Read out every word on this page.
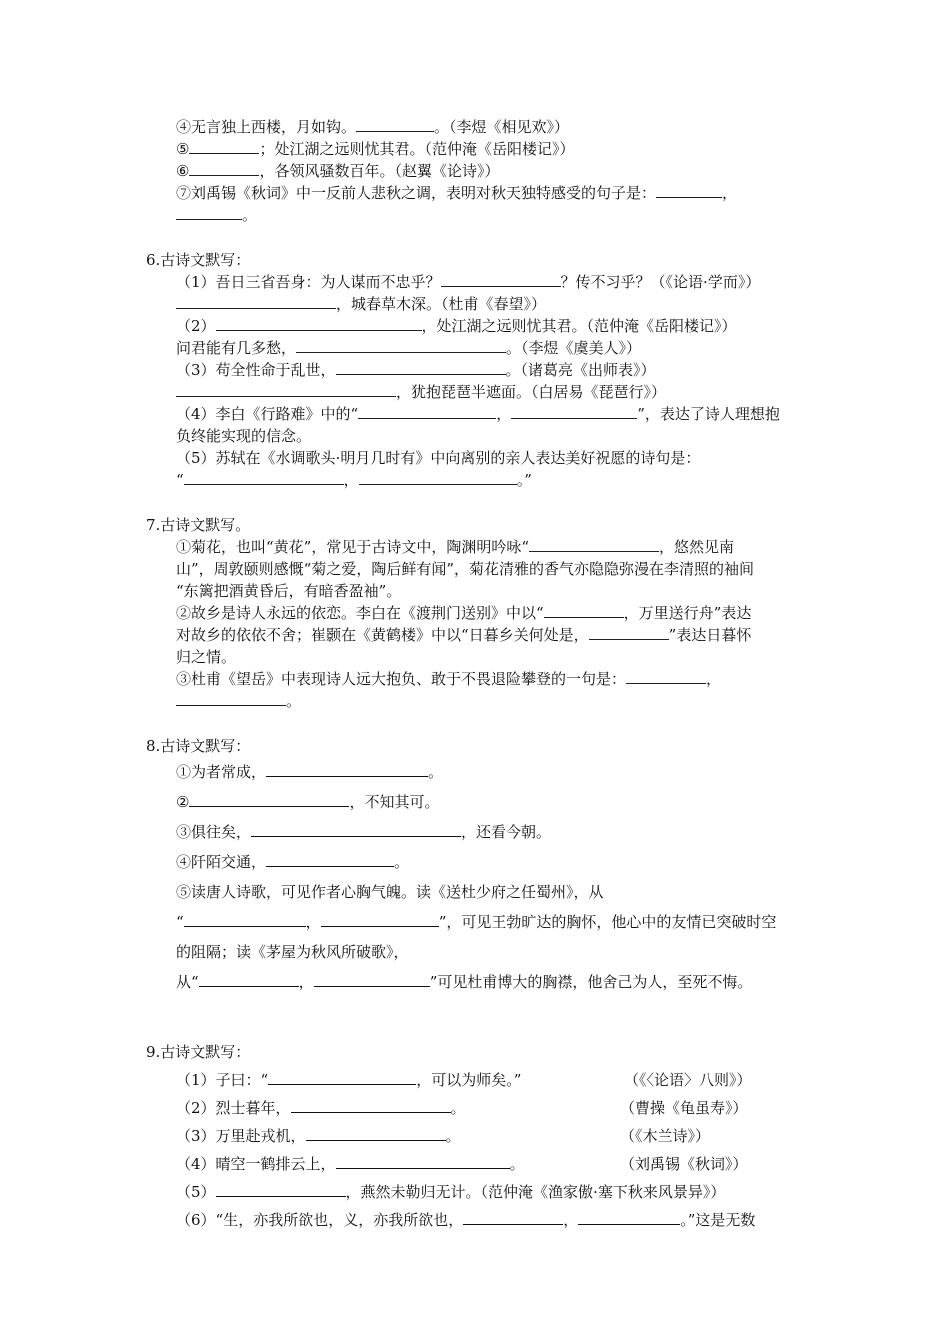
④无言独上西楼，月如钩。	。（李煜《相见欢》）
⑤	；处江湖之远则忧其君。（范仲淹《岳阳楼记》）
⑥	，各领风骚数百年。（赵翼《论诗》）
⑦刘禹锡《秋词》中一反前人悲秋之调，表明对秋天独特感受的句子是：	，
。
6.古诗文默写：
（1）吾日三省吾身：为人谋而不忠乎？	？传不习乎？（《论语·学而》）
，城春草木深。（杜甫《春望》）
（2）	，处江湖之远则忧其君。（范仲淹《岳阳楼记》）
问君能有几多愁，	。（李煜《虞美人》）
（3）苟全性命于乱世，	。（诸葛亮《出师表》）
，犹抱琵琶半遮面。（白居易《琵琶行》）
（4）李白《行路难》中的“	，	”，表达了诗人理想抱
负终能实现的信念。
（5）苏轼在《水调歌头·明月几时有》中向离别的亲人表达美好祝愿的诗句是：
“	，	。”
7.古诗文默写。
①菊花，也叫“黄花”，常见于古诗文中，陶渊明吟咏“	，悠然见南
山”，周敦颐则感慨“菊之爱，陶后鲜有闻”，菊花清雅的香气亦隐隐弥漫在李清照的袖间
“东篱把酒黄昏后，有暗香盈袖”。
②故乡是诗人永远的依恋。李白在《渡荆门送别》中以“	，万里送行舟”表达
对故乡的依依不舍；崔颢在《黄鹤楼》中以“日暮乡关何处是，	”表达日暮怀
归之情。
③杜甫《望岳》中表现诗人远大抱负、敢于不畏退险攀登的一句是：	，
。
8.古诗文默写：
①为者常成，	。
②	，不知其可。
③俱往矣，	，还看今朝。
④阡陌交通，	。
⑤读唐人诗歌，可见作者心胸气魄。读《送杜少府之任蜀州》，从
“	，	”，可见王勃旷达的胸怀，他心中的友情已突破时空
的阻隔；读《茅屋为秋风所破歌》，
从“	，	”可见杜甫博大的胸襟，他舍己为人，至死不悔。
9.古诗文默写：
（1）子曰：“	，可以为师矣。”	（《〈论语〉八则》）
（2）烈士暮年，	。	（曹操《龟虽寿》）
（3）万里赴戎机，	。	（《木兰诗》）
（4）晴空一鹤排云上，	。	（刘禹锡《秋词》）
（5）	，燕然未勒归无计。（范仲淹《渔家傲·塞下秋来风景异》）
（6）“生，亦我所欲也，义，亦我所欲也，	，	。”这是无数
